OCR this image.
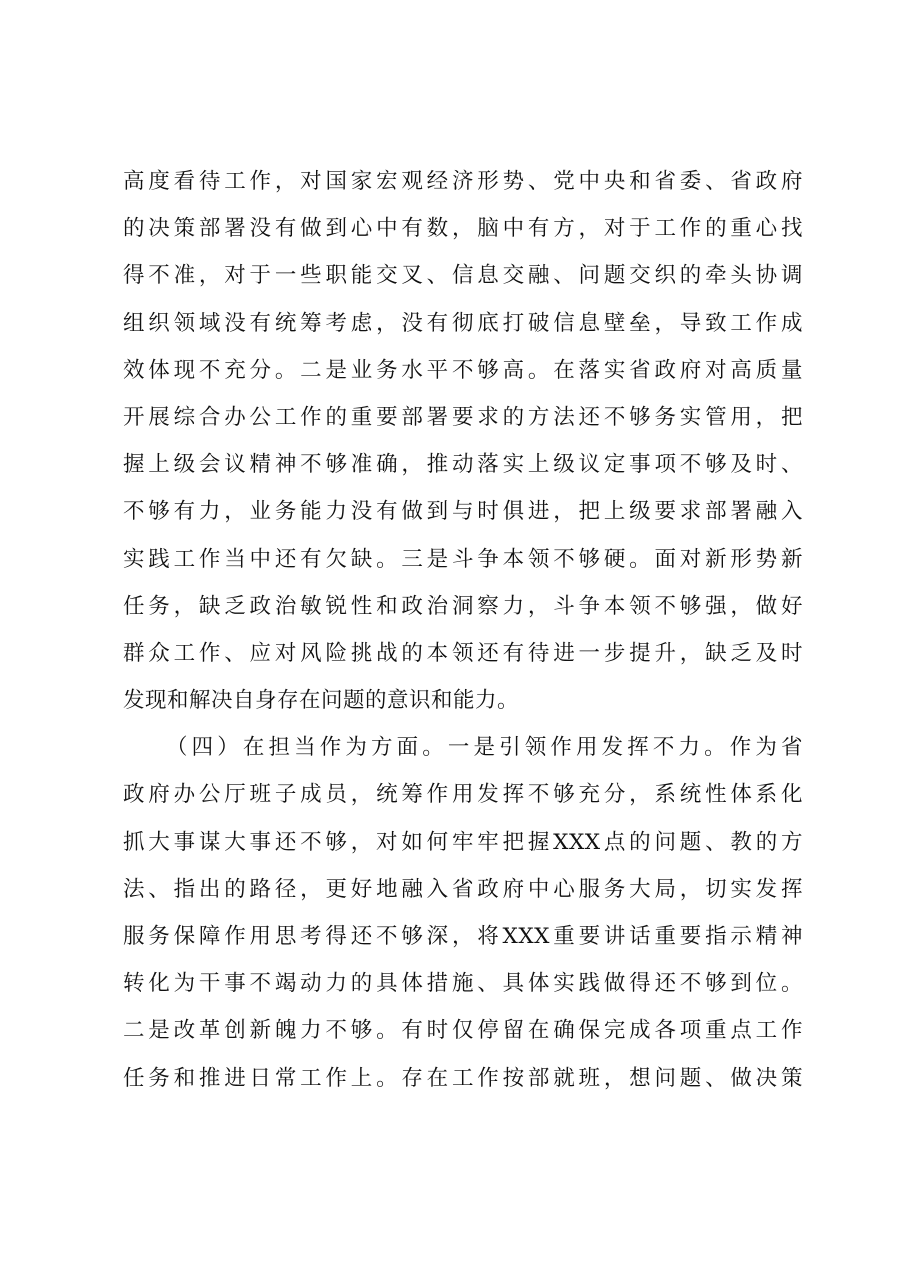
高度看待工作，对国家宏观经济形势、党中央和省委、省政府
的决策部署没有做到心中有数，脑中有方，对于工作的重心找
得不准，对于一些职能交叉、信息交融、问题交织的牵头协调
组织领域没有统筹考虑，没有彻底打破信息壁垒，导致工作成
效体现不充分。二是业务水平不够高。在落实省政府对高质量
开展综合办公工作的重要部署要求的方法还不够务实管用，把
握上级会议精神不够准确，推动落实上级议定事项不够及时、
不够有力，业务能力没有做到与时俱进，把上级要求部署融入
实践工作当中还有欠缺。三是斗争本领不够硬。面对新形势新
任务，缺乏政治敏锐性和政治洞察力，斗争本领不够强，做好
群众工作、应对风险挑战的本领还有待进一步提升，缺乏及时
发现和解决自身存在问题的意识和能力。
（四）在担当作为方面。一是引领作用发挥不力。作为省
政府办公厅班子成员，统筹作用发挥不够充分，系统性体系化
抓大事谋大事还不够，对如何牢牢把握XXX点的问题、教的方
法、指出的路径，更好地融入省政府中心服务大局，切实发挥
服务保障作用思考得还不够深，将XXX重要讲话重要指示精神
转化为干事不竭动力的具体措施、具体实践做得还不够到位。
二是改革创新魄力不够。有时仅停留在确保完成各项重点工作
任务和推进日常工作上。存在工作按部就班，想问题、做决策
